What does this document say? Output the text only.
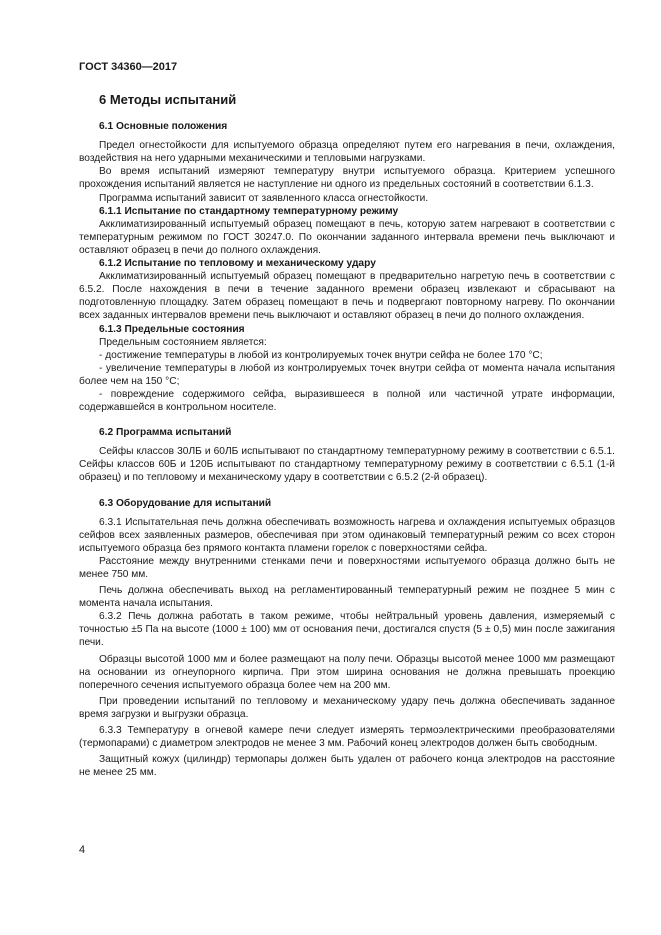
ГОСТ 34360—2017
6 Методы испытаний
6.1 Основные положения

Предел огнестойкости для испытуемого образца определяют путем его нагревания в печи, охлаждения, воздействия на него ударными механическими и тепловыми нагрузками.

Во время испытаний измеряют температуру внутри испытуемого образца. Критерием успешного прохождения испытаний является не наступление ни одного из предельных состояний в соответствии 6.1.3.

Программа испытаний зависит от заявленного класса огнестойкости.

6.1.1 Испытание по стандартному температурному режиму

Акклиматизированный испытуемый образец помещают в печь, которую затем нагревают в соответствии с температурным режимом по ГОСТ 30247.0. По окончании заданного интервала времени печь выключают и оставляют образец в печи до полного охлаждения.

6.1.2 Испытание по тепловому и механическому удару

Акклиматизированный испытуемый образец помещают в предварительно нагретую печь в соответствии с 6.5.2. После нахождения в печи в течение заданного времени образец извлекают и сбрасывают на подготовленную площадку. Затем образец помещают в печь и подвергают повторному нагреву. По окончании всех заданных интервалов времени печь выключают и оставляют образец в печи до полного охлаждения.

6.1.3 Предельные состояния

Предельным состоянием является:

- достижение температуры в любой из контролируемых точек внутри сейфа не более 170 °С;

- увеличение температуры в любой из контролируемых точек внутри сейфа от момента начала испытания более чем на 150 °С;

- повреждение содержимого сейфа, выразившееся в полной или частичной утрате информации, содержавшейся в контрольном носителе.

6.2 Программа испытаний

Сейфы классов 30ЛБ и 60ЛБ испытывают по стандартному температурному режиму в соответствии с 6.5.1. Сейфы классов 60Б и 120Б испытывают по стандартному температурному режиму в соответствии с 6.5.1 (1-й образец) и по тепловому и механическому удару в соответствии с 6.5.2 (2-й образец).

6.3 Оборудование для испытаний

6.3.1 Испытательная печь должна обеспечивать возможность нагрева и охлаждения испытуемых образцов сейфов всех заявленных размеров, обеспечивая при этом одинаковый температурный режим со всех сторон испытуемого образца без прямого контакта пламени горелок с поверхностями сейфа.

Расстояние между внутренними стенками печи и поверхностями испытуемого образца должно быть не менее 750 мм.

Печь должна обеспечивать выход на регламентированный температурный режим не позднее 5 мин с момента начала испытания.

6.3.2 Печь должна работать в таком режиме, чтобы нейтральный уровень давления, измеряемый с точностью ±5 Па на высоте (1000 ± 100) мм от основания печи, достигался спустя (5 ± 0,5) мин после зажигания печи.

Образцы высотой 1000 мм и более размещают на полу печи. Образцы высотой менее 1000 мм размещают на основании из огнеупорного кирпича. При этом ширина основания не должна превышать проекцию поперечного сечения испытуемого образца более чем на 200 мм.

При проведении испытаний по тепловому и механическому удару печь должна обеспечивать заданное время загрузки и выгрузки образца.

6.3.3 Температуру в огневой камере печи следует измерять термоэлектрическими преобразователями (термопарами) с диаметром электродов не менее 3 мм. Рабочий конец электродов должен быть свободным.

Защитный кожух (цилиндр) термопары должен быть удален от рабочего конца электродов на расстояние не менее 25 мм.

4
